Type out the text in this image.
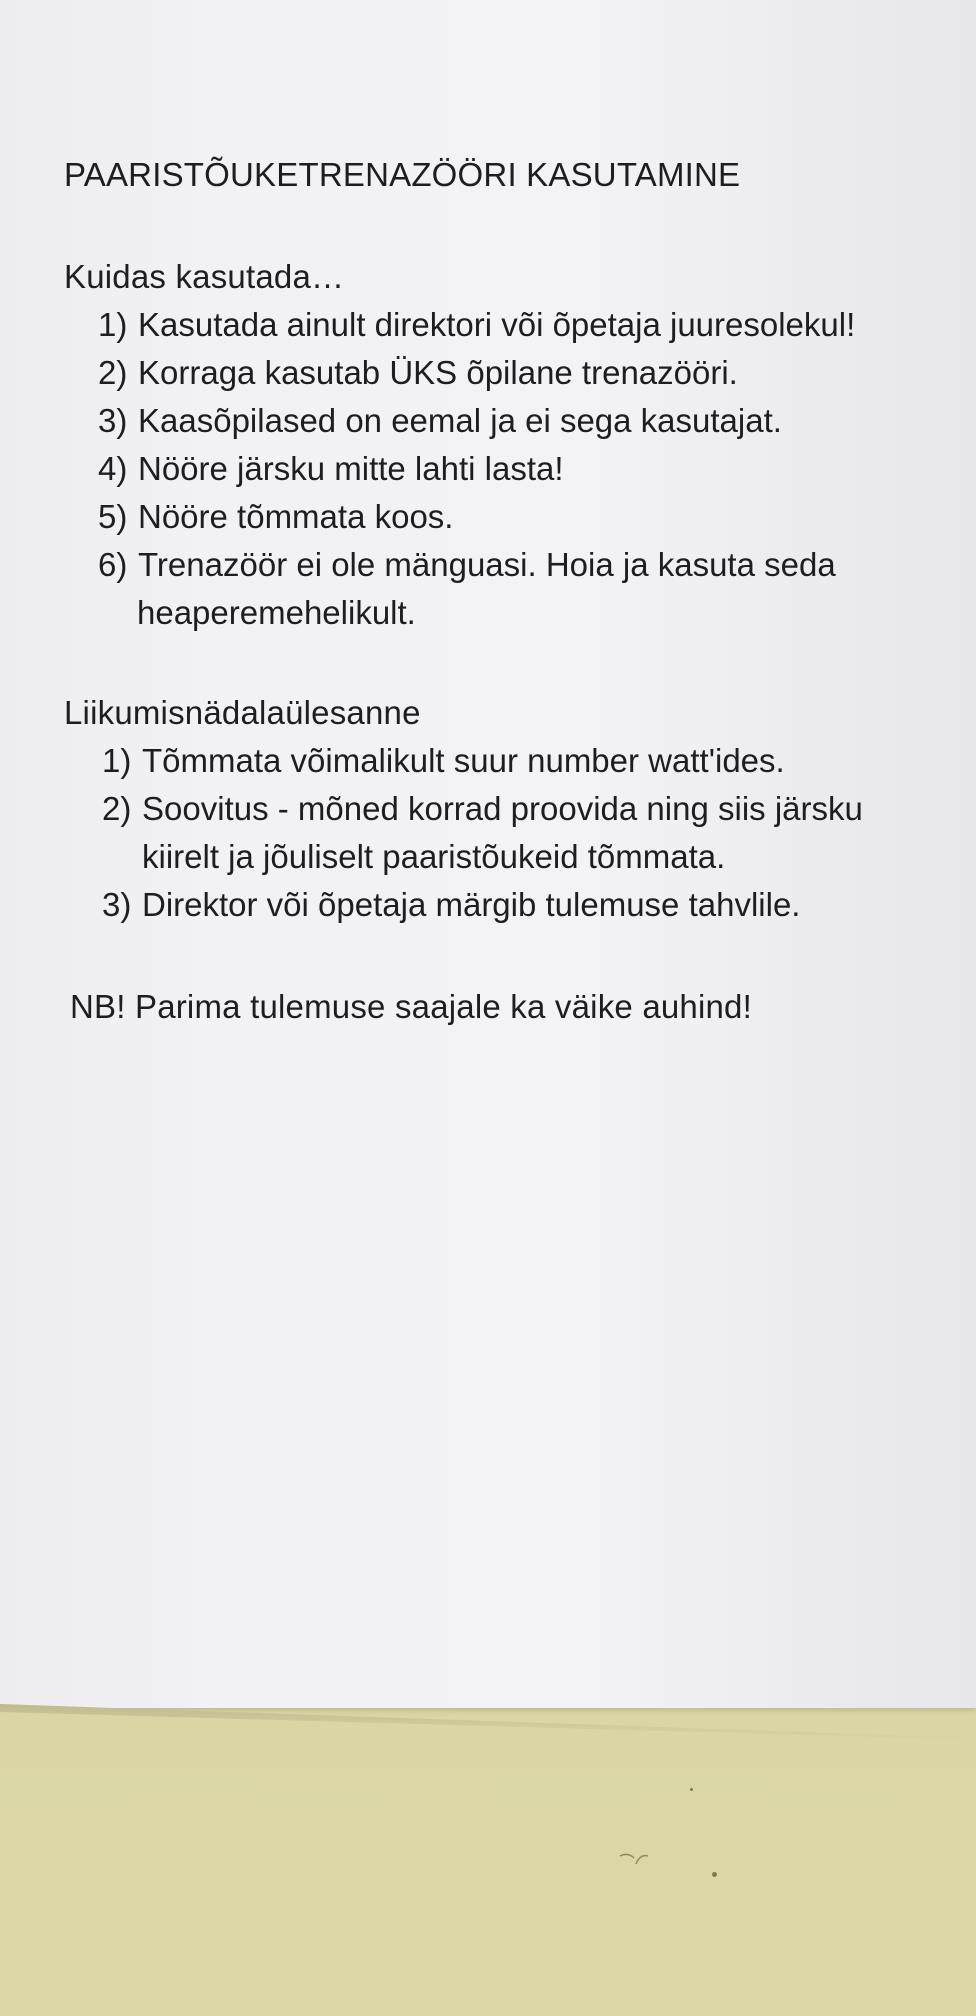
PAARISTÕUKETRENAZÖÖRI KASUTAMINE
Kuidas kasutada…
1) Kasutada ainult direktori või õpetaja juuresolekul!
2) Korraga kasutab ÜKS õpilane trenazööri.
3) Kaasõpilased on eemal ja ei sega kasutajat.
4) Nööre järsku mitte lahti lasta!
5) Nööre tõmmata koos.
6) Trenazöör ei ole mänguasi. Hoia ja kasuta seda
heaperemehelikult.
Liikumisnädalaülesanne
1) Tõmmata võimalikult suur number watt'ides.
2) Soovitus - mõned korrad proovida ning siis järsku
kiirelt ja jõuliselt paaristõukeid tõmmata.
3) Direktor või õpetaja märgib tulemuse tahvlile.
NB! Parima tulemuse saajale ka väike auhind!
